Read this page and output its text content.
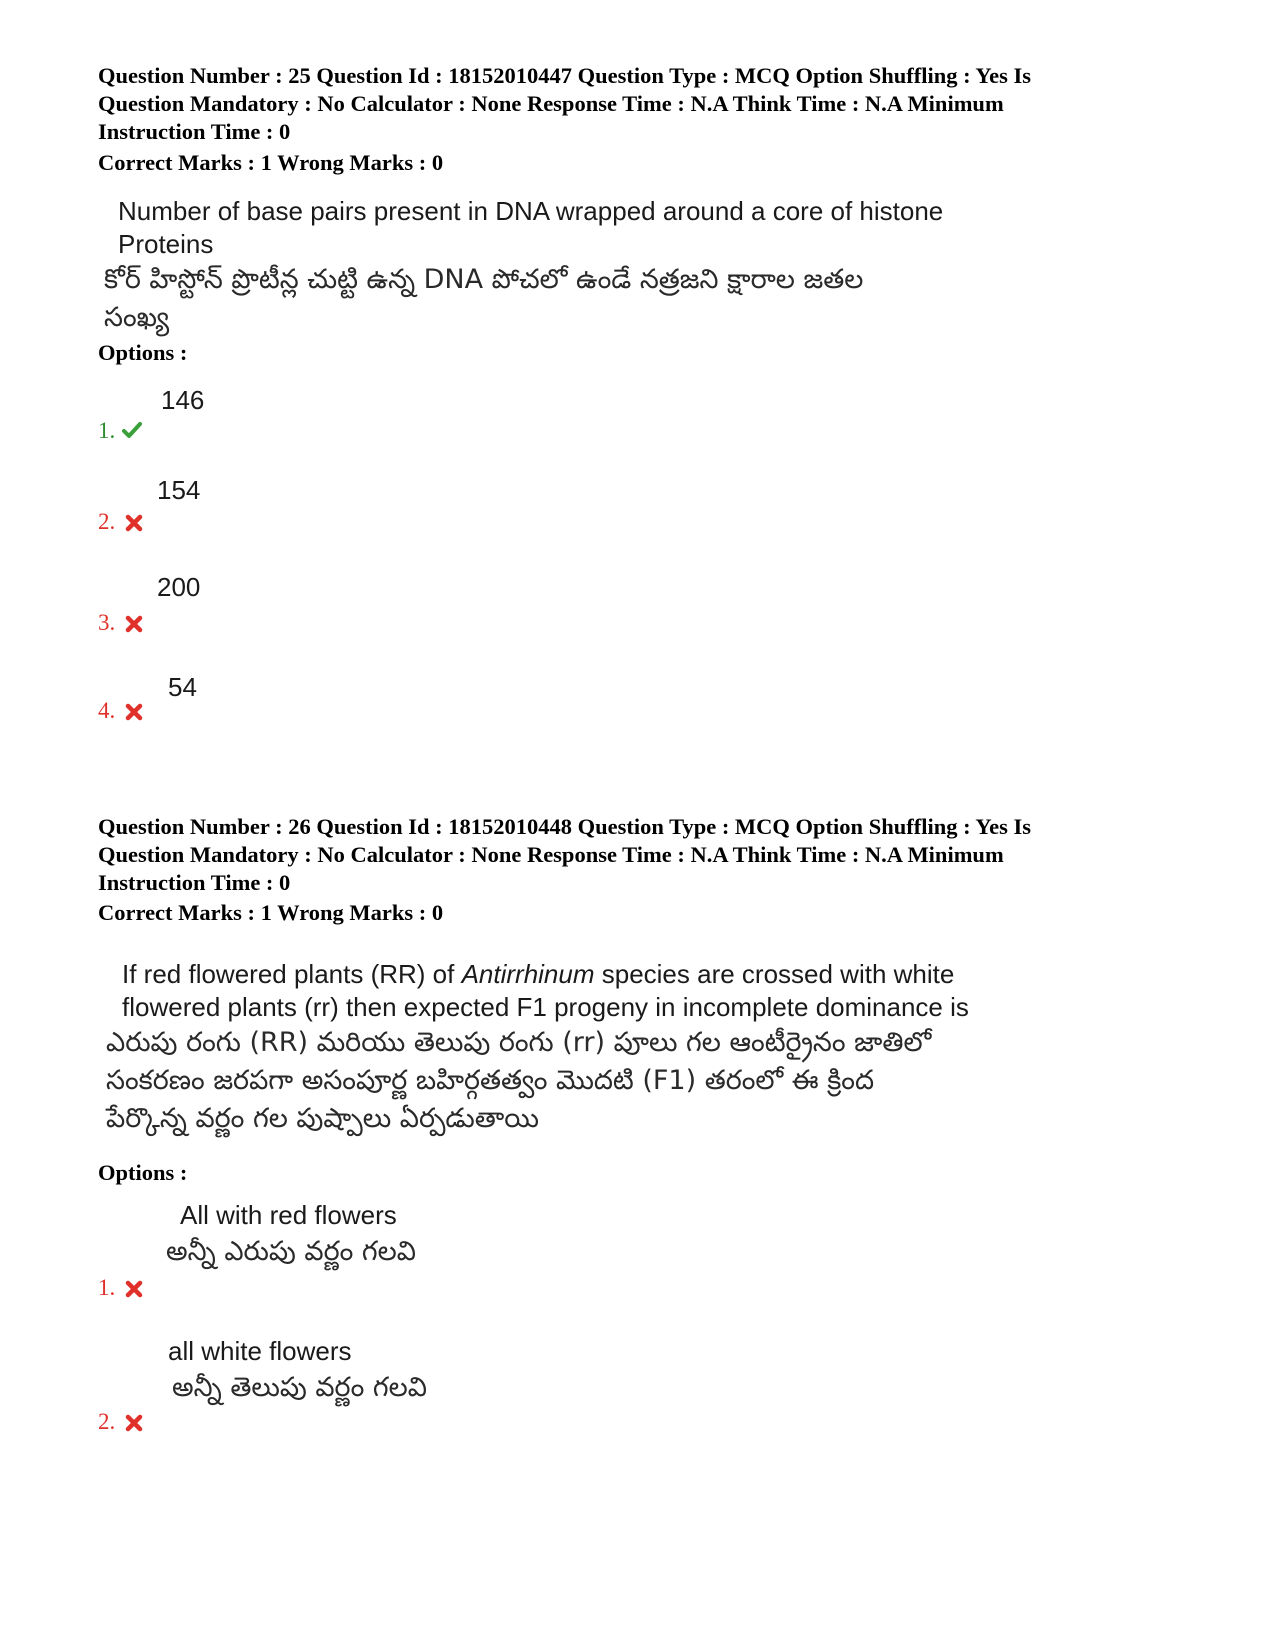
Question Number : 25 Question Id : 18152010447 Question Type : MCQ Option Shuffling : Yes Is
Question Mandatory : No Calculator : None Response Time : N.A Think Time : N.A Minimum
Instruction Time : 0
Correct Marks : 1 Wrong Marks : 0
Number of base pairs present in DNA wrapped around a core of histone
Proteins
కోర్ హిస్టోన్ ప్రొటీన్ల చుట్టి ఉన్న DNA పోచలో ఉండే నత్రజని క్షారాల జతల
సంఖ్య
Options :
1.
146
2.
154
3.
200
4.
54
Question Number : 26 Question Id : 18152010448 Question Type : MCQ Option Shuffling : Yes Is
Question Mandatory : No Calculator : None Response Time : N.A Think Time : N.A Minimum
Instruction Time : 0
Correct Marks : 1 Wrong Marks : 0
If red flowered plants (RR) of Antirrhinum species are crossed with white
flowered plants (rr) then expected F1 progeny in incomplete dominance is
ఎరుపు రంగు (RR) మరియు తెలుపు రంగు (rr) పూలు గల ఆంటీర్రైనం జాతిలో
సంకరణం జరపగా అసంపూర్ణ బహిర్గతత్వం మొదటి (F1) తరంలో ఈ క్రింద
పేర్కొన్న వర్ణం గల పుష్పాలు ఏర్పడుతాయి
Options :
All with red flowers
అన్నీ ఎరుపు వర్ణం గలవి
1.
all white flowers
అన్నీ తెలుపు వర్ణం గలవి
2.
